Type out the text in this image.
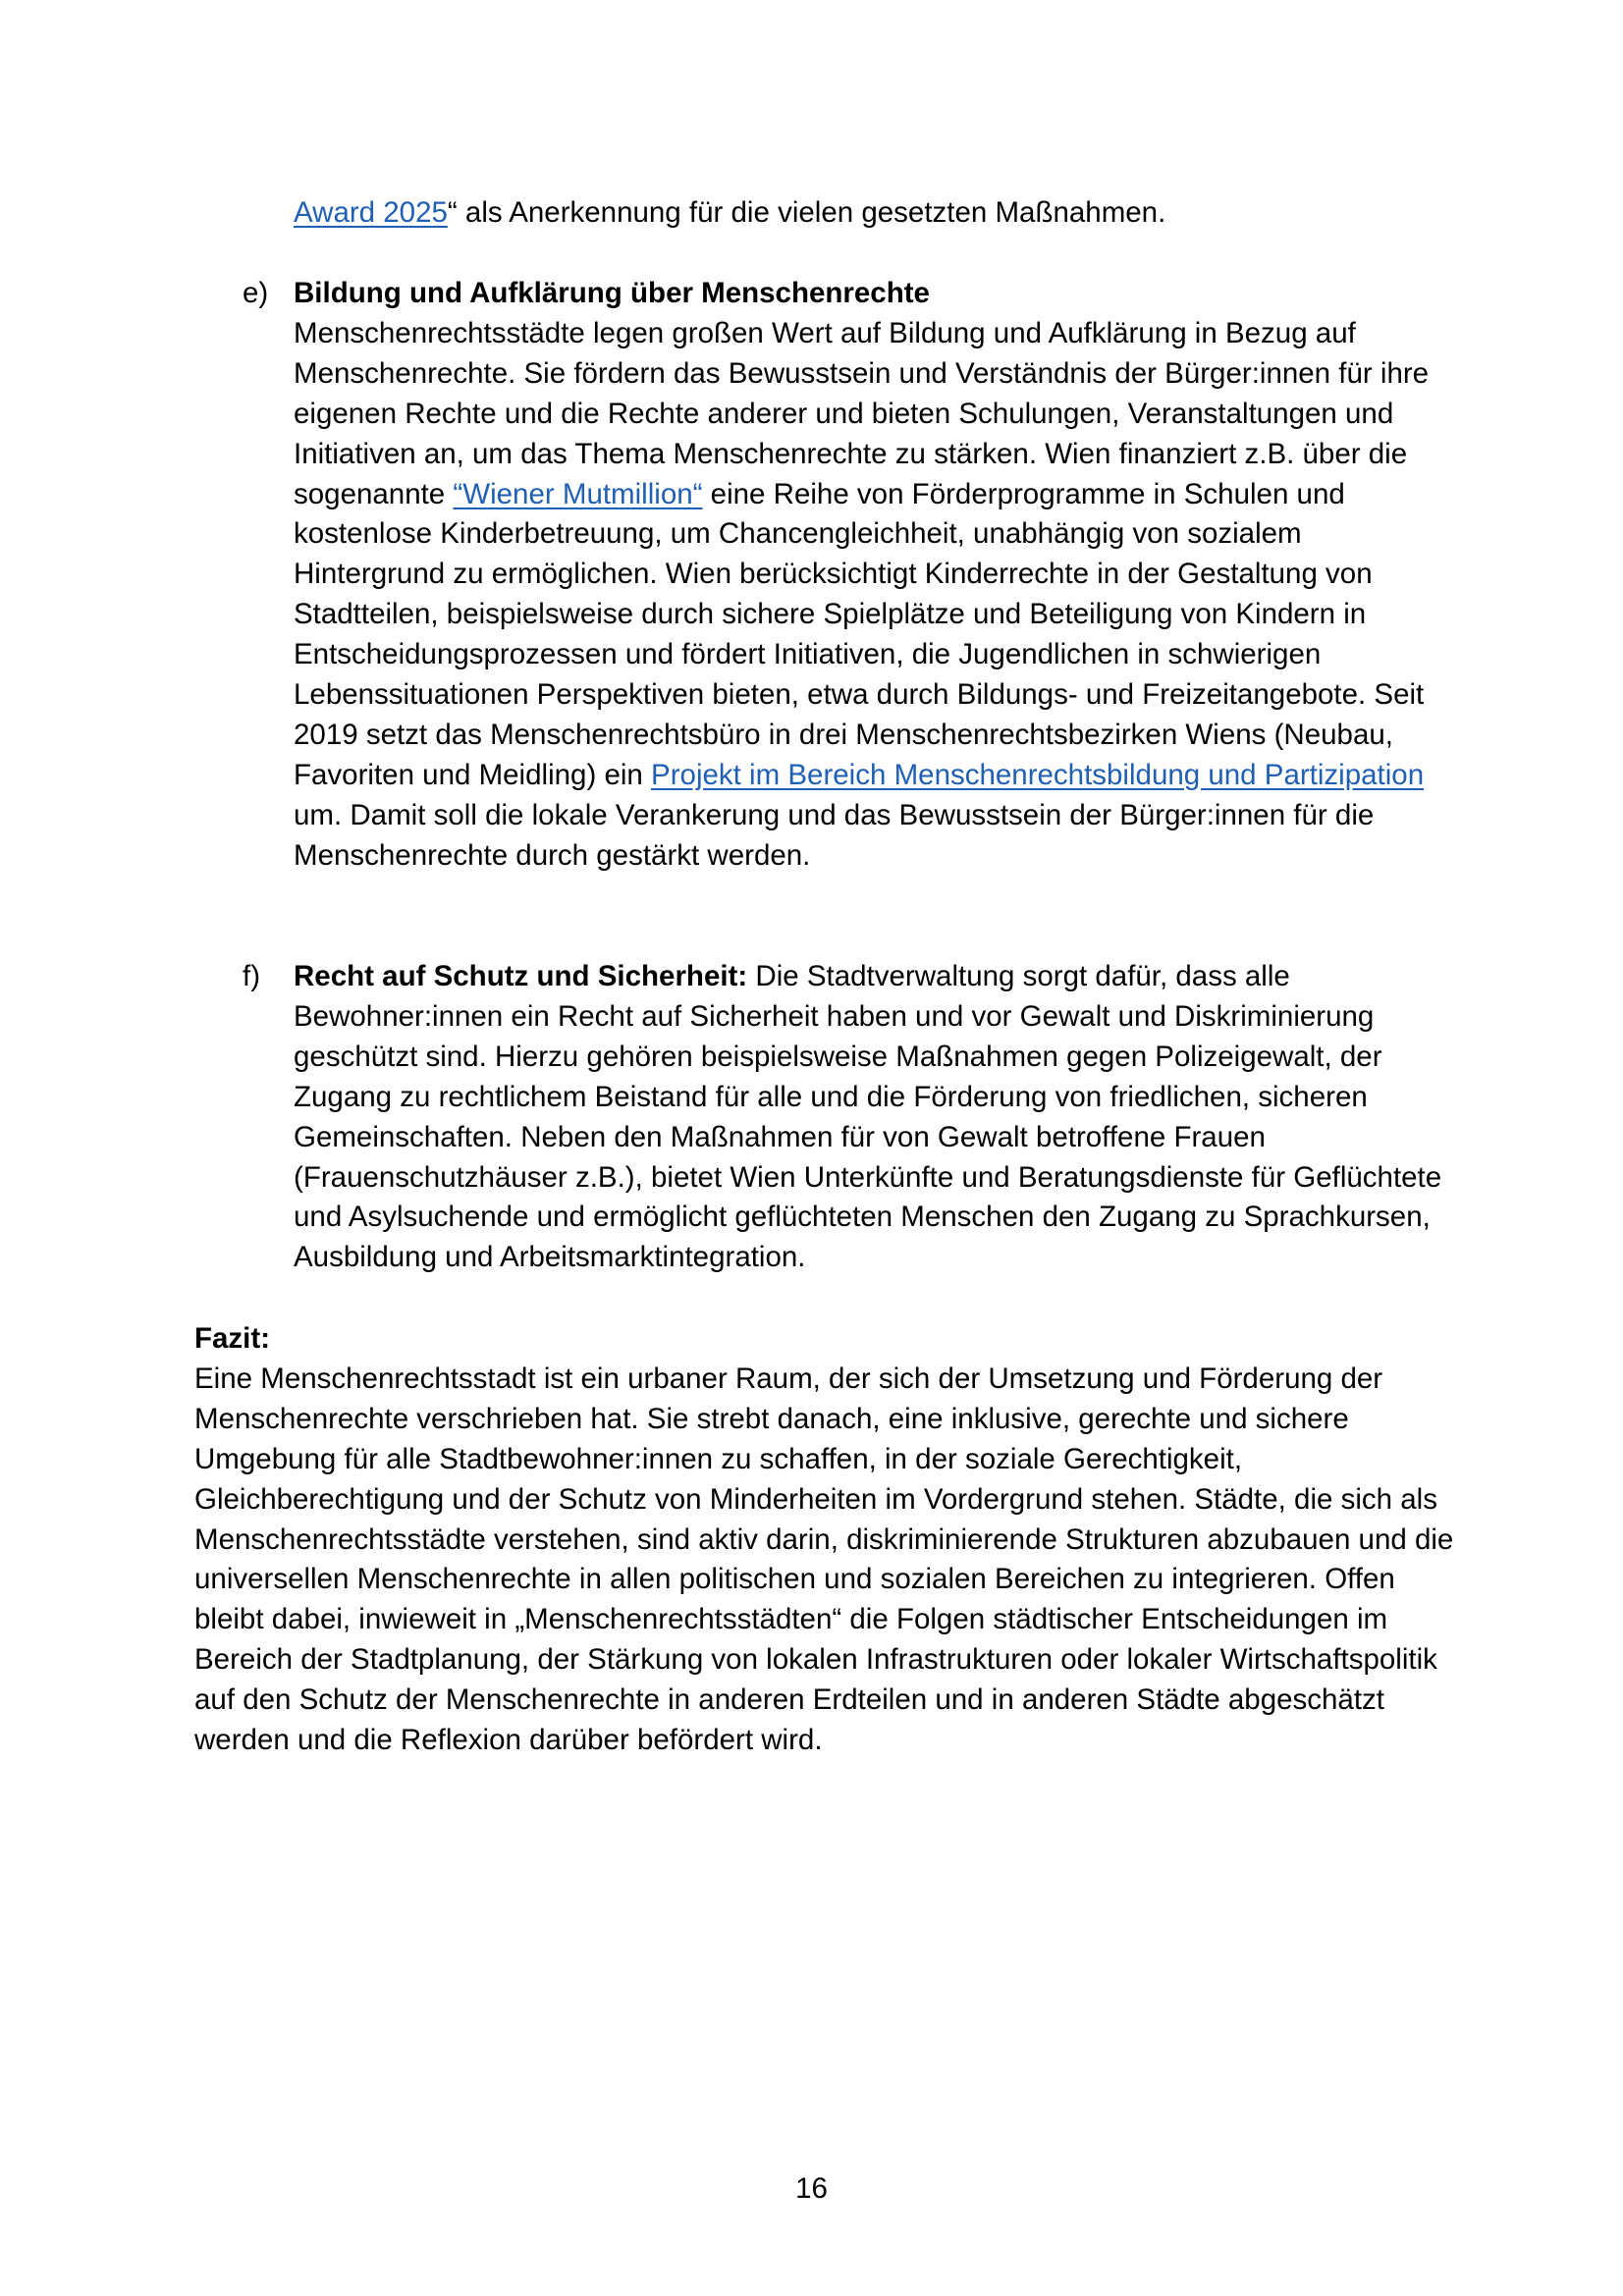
Award 2025“ als Anerkennung für die vielen gesetzten Maßnahmen.

e) Bildung und Aufklärung über Menschenrechte
Menschenrechtsstädte legen großen Wert auf Bildung und Aufklärung in Bezug auf Menschenrechte. Sie fördern das Bewusstsein und Verständnis der Bürger:innen für ihre eigenen Rechte und die Rechte anderer und bieten Schulungen, Veranstaltungen und Initiativen an, um das Thema Menschenrechte zu stärken. Wien finanziert z.B. über die sogenannte “Wiener Mutmillion“ eine Reihe von Förderprogramme in Schulen und kostenlose Kinderbetreuung, um Chancengleichheit, unabhängig von sozialem Hintergrund zu ermöglichen. Wien berücksichtigt Kinderrechte in der Gestaltung von Stadtteilen, beispielsweise durch sichere Spielplätze und Beteiligung von Kindern in Entscheidungsprozessen und fördert Initiativen, die Jugendlichen in schwierigen Lebenssituationen Perspektiven bieten, etwa durch Bildungs- und Freizeitangebote. Seit 2019 setzt das Menschenrechtsbüro in drei Menschenrechtsbezirken Wiens (Neubau, Favoriten und Meidling) ein Projekt im Bereich Menschenrechtsbildung und Partizipation um. Damit soll die lokale Verankerung und das Bewusstsein der Bürger:innen für die Menschenrechte durch gestärkt werden.

f) Recht auf Schutz und Sicherheit: Die Stadtverwaltung sorgt dafür, dass alle Bewohner:innen ein Recht auf Sicherheit haben und vor Gewalt und Diskriminierung geschützt sind. Hierzu gehören beispielsweise Maßnahmen gegen Polizeigewalt, der Zugang zu rechtlichem Beistand für alle und die Förderung von friedlichen, sicheren Gemeinschaften. Neben den Maßnahmen für von Gewalt betroffene Frauen (Frauenschutzhäuser z.B.), bietet Wien Unterkünfte und Beratungsdienste für Geflüchtete und Asylsuchende und ermöglicht geflüchteten Menschen den Zugang zu Sprachkursen, Ausbildung und Arbeitsmarktintegration.

Fazit:
Eine Menschenrechtsstadt ist ein urbaner Raum, der sich der Umsetzung und Förderung der Menschenrechte verschrieben hat. Sie strebt danach, eine inklusive, gerechte und sichere Umgebung für alle Stadtbewohner:innen zu schaffen, in der soziale Gerechtigkeit, Gleichberechtigung und der Schutz von Minderheiten im Vordergrund stehen. Städte, die sich als Menschenrechtsstädte verstehen, sind aktiv darin, diskriminierende Strukturen abzubauen und die universellen Menschenrechte in allen politischen und sozialen Bereichen zu integrieren. Offen bleibt dabei, inwieweit in „Menschenrechtsstädten“ die Folgen städtischer Entscheidungen im Bereich der Stadtplanung, der Stärkung von lokalen Infrastrukturen oder lokaler Wirtschaftspolitik auf den Schutz der Menschenrechte in anderen Erdteilen und in anderen Städte abgeschätzt werden und die Reflexion darüber befördert wird.

16
